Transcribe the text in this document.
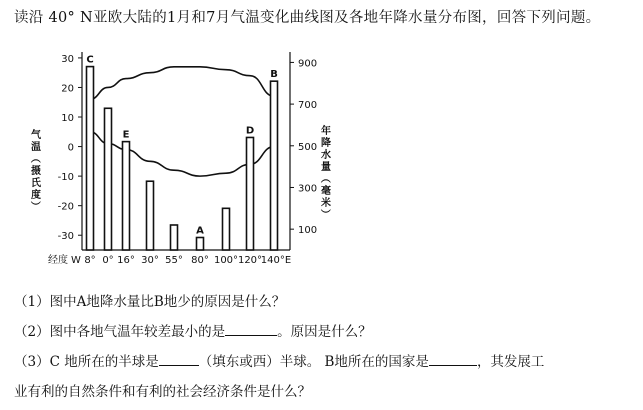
读沿 40° N亚欧大陆的1月和7月气温变化曲线图及各地年降水量分布图，回答下列问题。
30
20
10
0
-10
-20
-30
900
700
500
300
100
C
E
A
D
B
W 8° 0° 16° 30° 55° 80° 100° 120°
140°E
经度
气
温
（
摄
氏
度
）
年
降
水
量
（
毫
米
）
（1）图中A地降水量比B地少的原因是什么？
（2）图中各地气温年较差最小的是	。原因是什么？
（3）C 地所在的半球是	（填东或西）半球。 B地所在的国家是	，其发展工
业有利的自然条件和有利的社会经济条件是什么？
